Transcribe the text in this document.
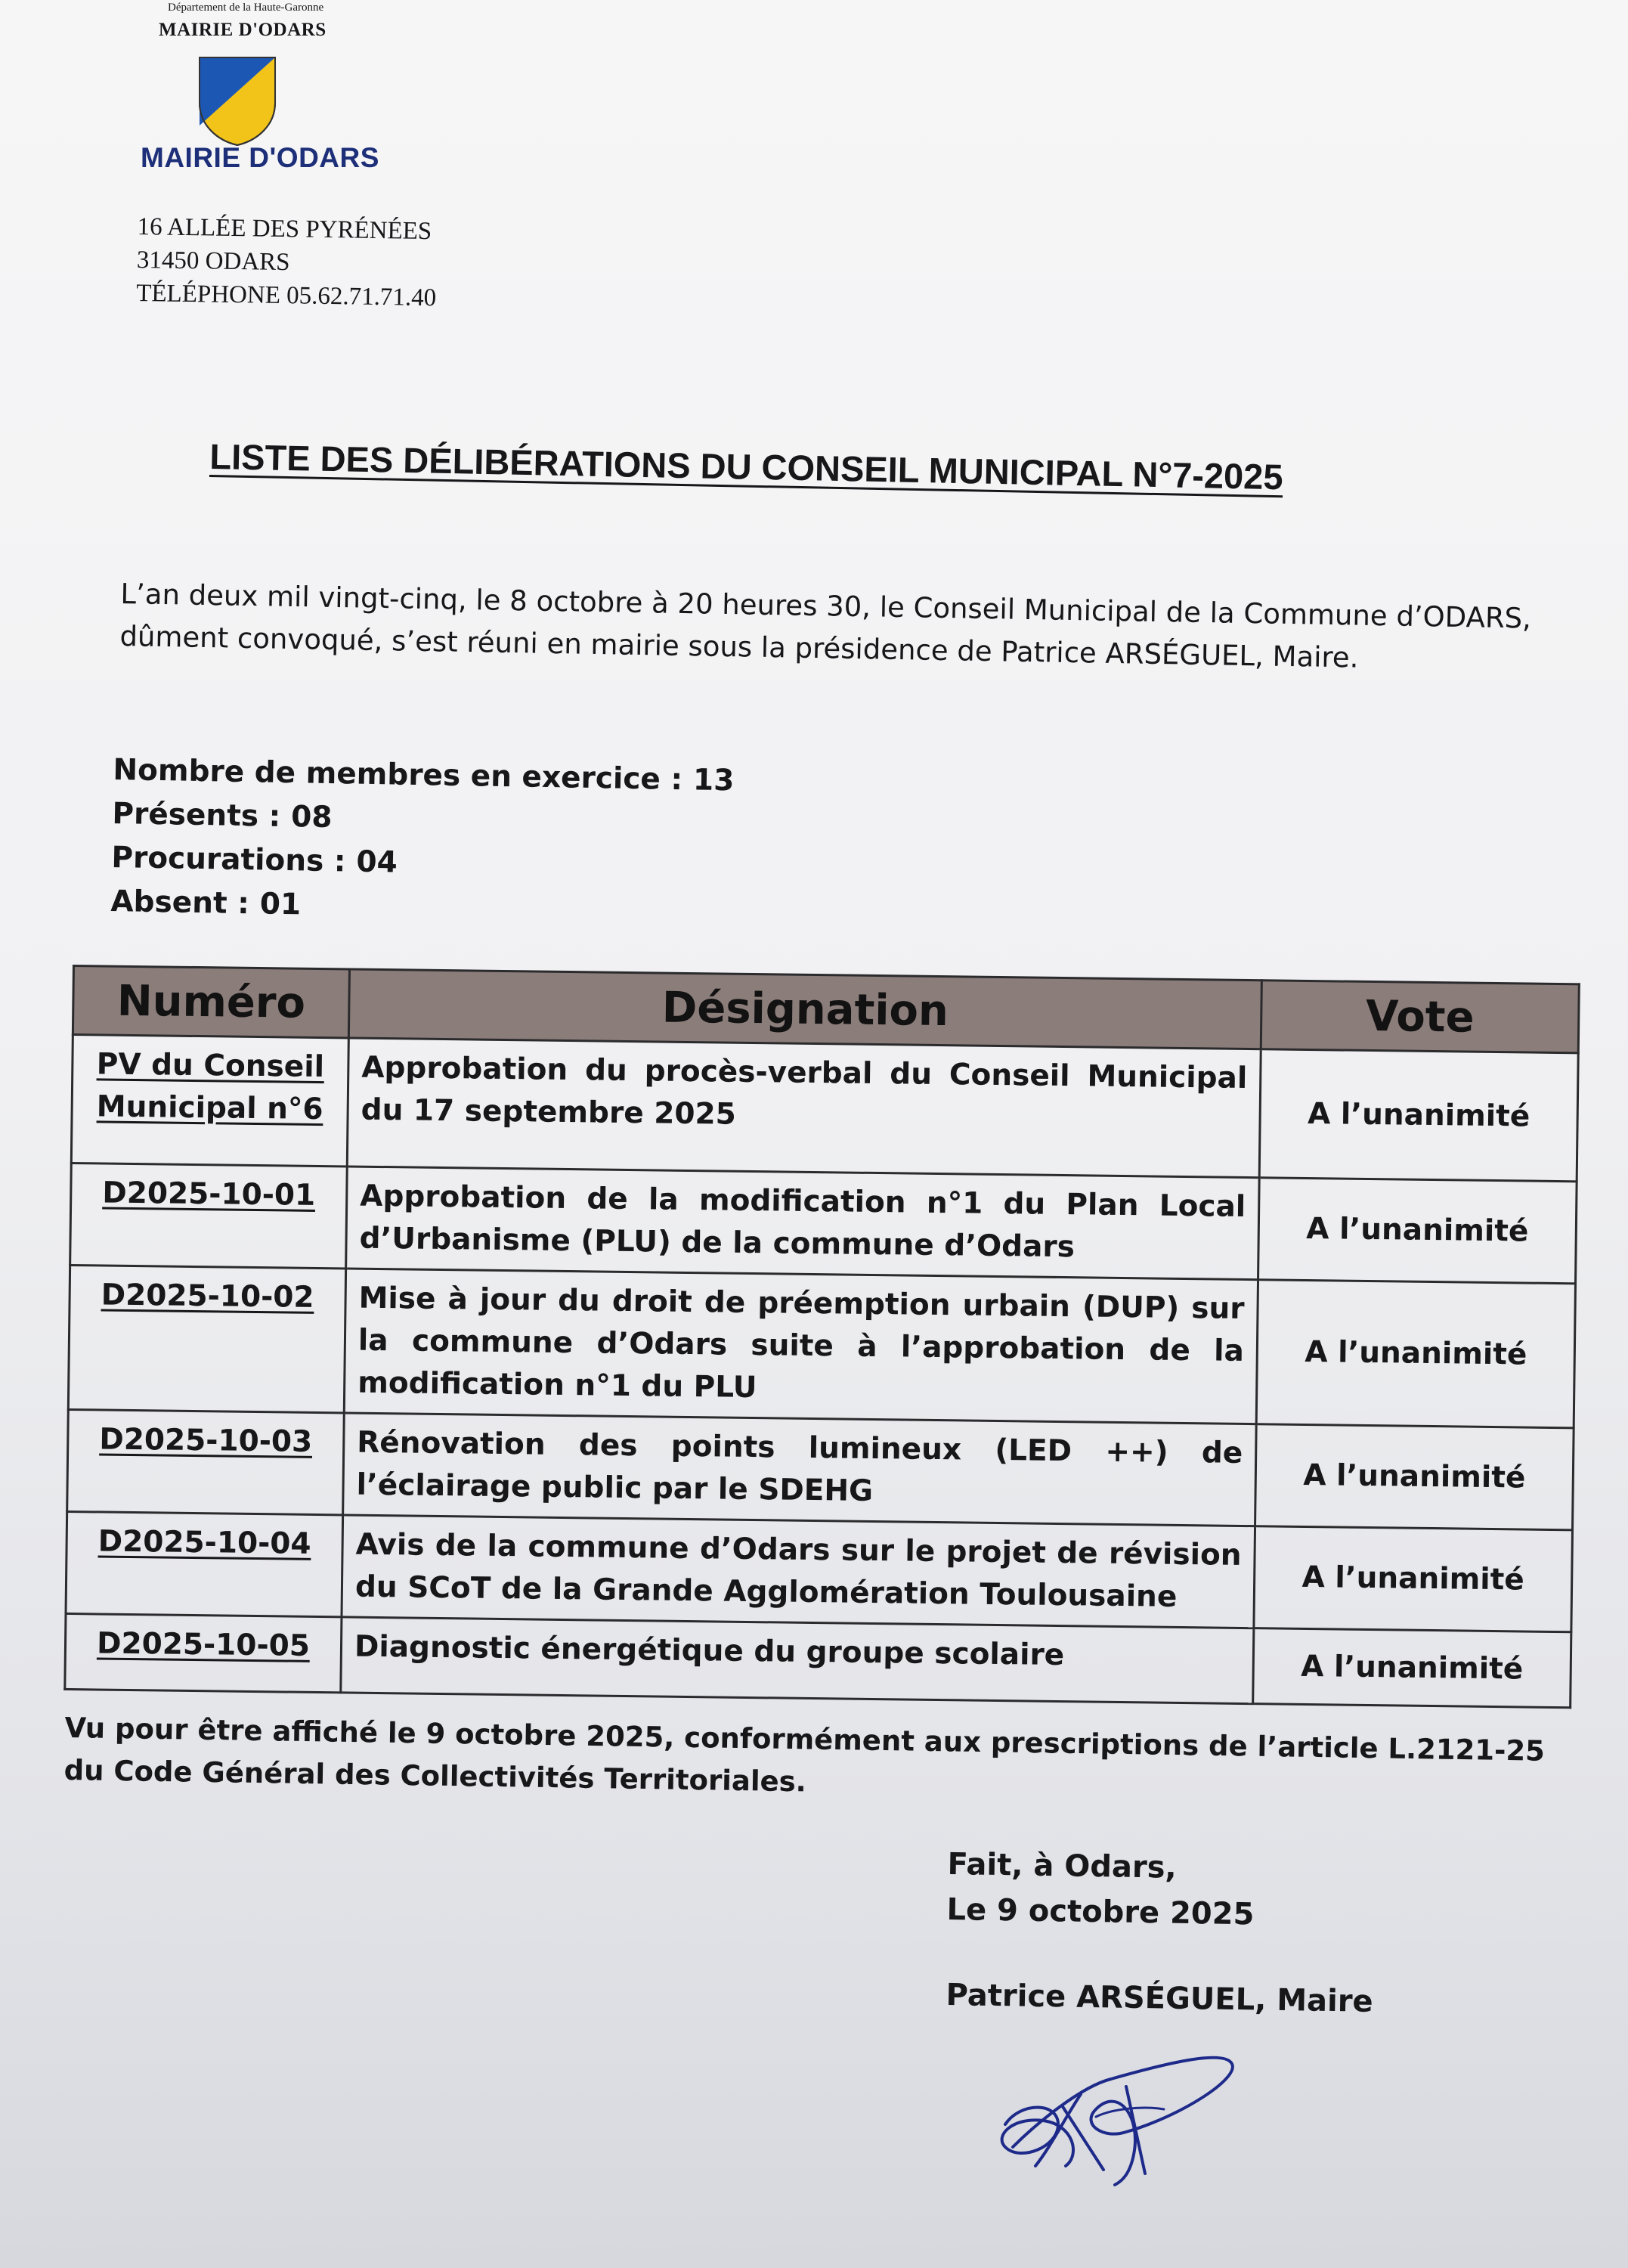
Département de la Haute-Garonne
MAIRIE D'ODARS
MAIRIE D'ODARS
16 ALLÉE DES PYRÉNÉES
31450 ODARS
TÉLÉPHONE 05.62.71.71.40
LISTE DES DÉLIBÉRATIONS DU CONSEIL MUNICIPAL N°7-2025
L’an deux mil vingt-cinq, le 8 octobre à 20 heures 30, le Conseil Municipal de la Commune d’ODARS, dûment convoqué, s’est réuni en mairie sous la présidence de Patrice ARSÉGUEL, Maire.
Nombre de membres en exercice : 13
Présents : 08
Procurations : 04
Absent : 01
Numéro	Désignation	Vote
PV du Conseil Municipal n°6	Approbation du procès-verbal du Conseil Municipal du 17 septembre 2025	A l’unanimité
D2025-10-01	Approbation de la modification n°1 du Plan Local d’Urbanisme (PLU) de la commune d’Odars	A l’unanimité
D2025-10-02	Mise à jour du droit de préemption urbain (DUP) sur la commune d’Odars suite à l’approbation de la modification n°1 du PLU	A l’unanimité
D2025-10-03	Rénovation des points lumineux (LED ++) de l’éclairage public par le SDEHG	A l’unanimité
D2025-10-04	Avis de la commune d’Odars sur le projet de révision du SCoT de la Grande Agglomération Toulousaine	A l’unanimité
D2025-10-05	Diagnostic énergétique du groupe scolaire	A l’unanimité
Vu pour être affiché le 9 octobre 2025, conformément aux prescriptions de l’article L.2121-25 du Code Général des Collectivités Territoriales.
Fait, à Odars,
Le 9 octobre 2025
Patrice ARSÉGUEL, Maire
